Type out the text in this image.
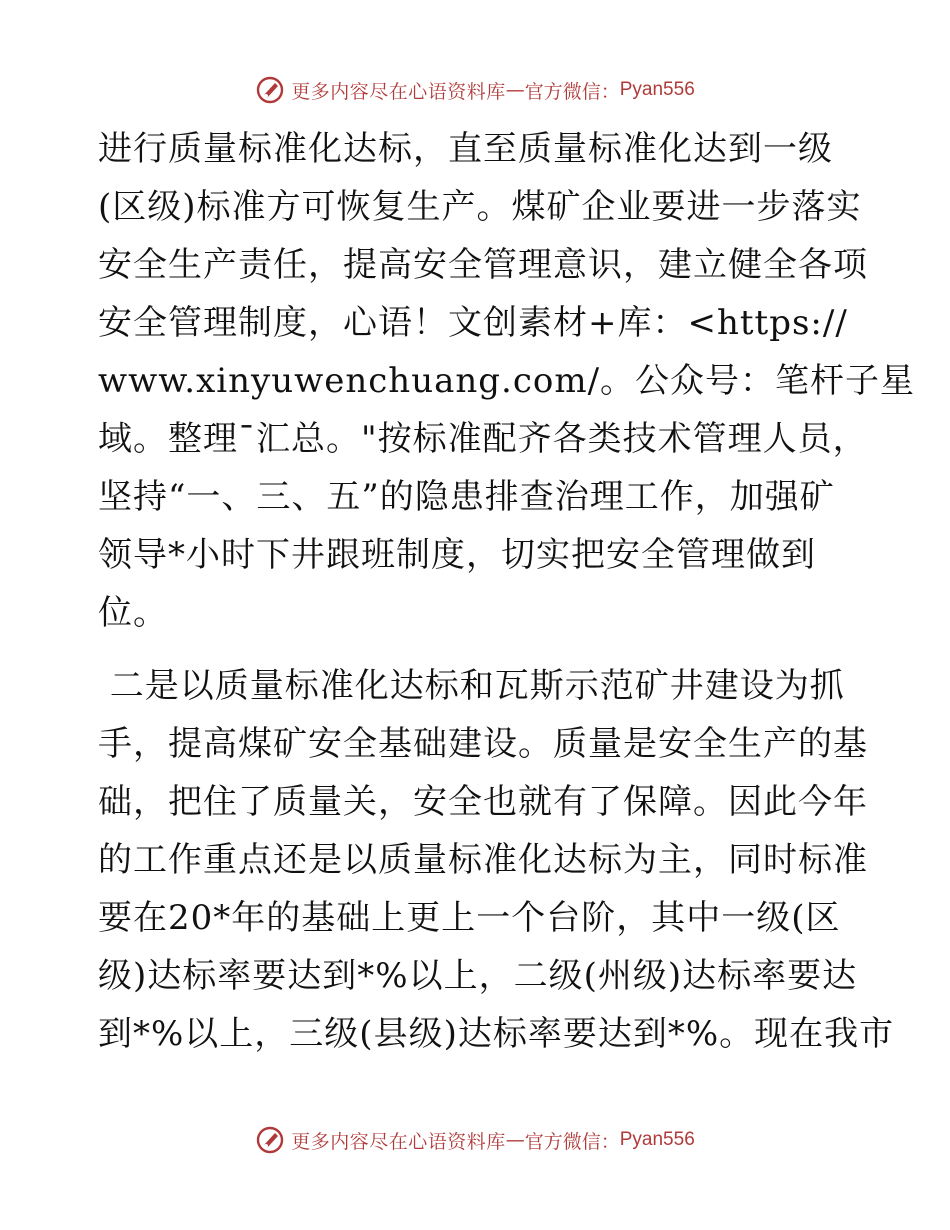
更多内容尽在心语资料库 — 官方微信： Pyan556
进行质量标准化达标，直至质量标准化达到一级
(区级)标准方可恢复生产。煤矿企业要进一步落实
安全生产责任，提高安全管理意识，建立健全各项
安全管理制度，心语！文创素材+库：<https://
www.xinyuwenchuang.com/。公众号：笔杆子星
域。整理¯汇总。"按标准配齐各类技术管理人员，
坚持“一、三、五”的隐患排查治理工作，加强矿
领导*小时下井跟班制度，切实把安全管理做到
位。
二是以质量标准化达标和瓦斯示范矿井建设为抓
手，提高煤矿安全基础建设。质量是安全生产的基
础，把住了质量关，安全也就有了保障。因此今年
的工作重点还是以质量标准化达标为主，同时标准
要在20*年的基础上更上一个台阶，其中一级(区
级)达标率要达到*%以上，二级(州级)达标率要达
到*%以上，三级(县级)达标率要达到*%。现在我市
更多内容尽在心语资料库 — 官方微信： Pyan556
